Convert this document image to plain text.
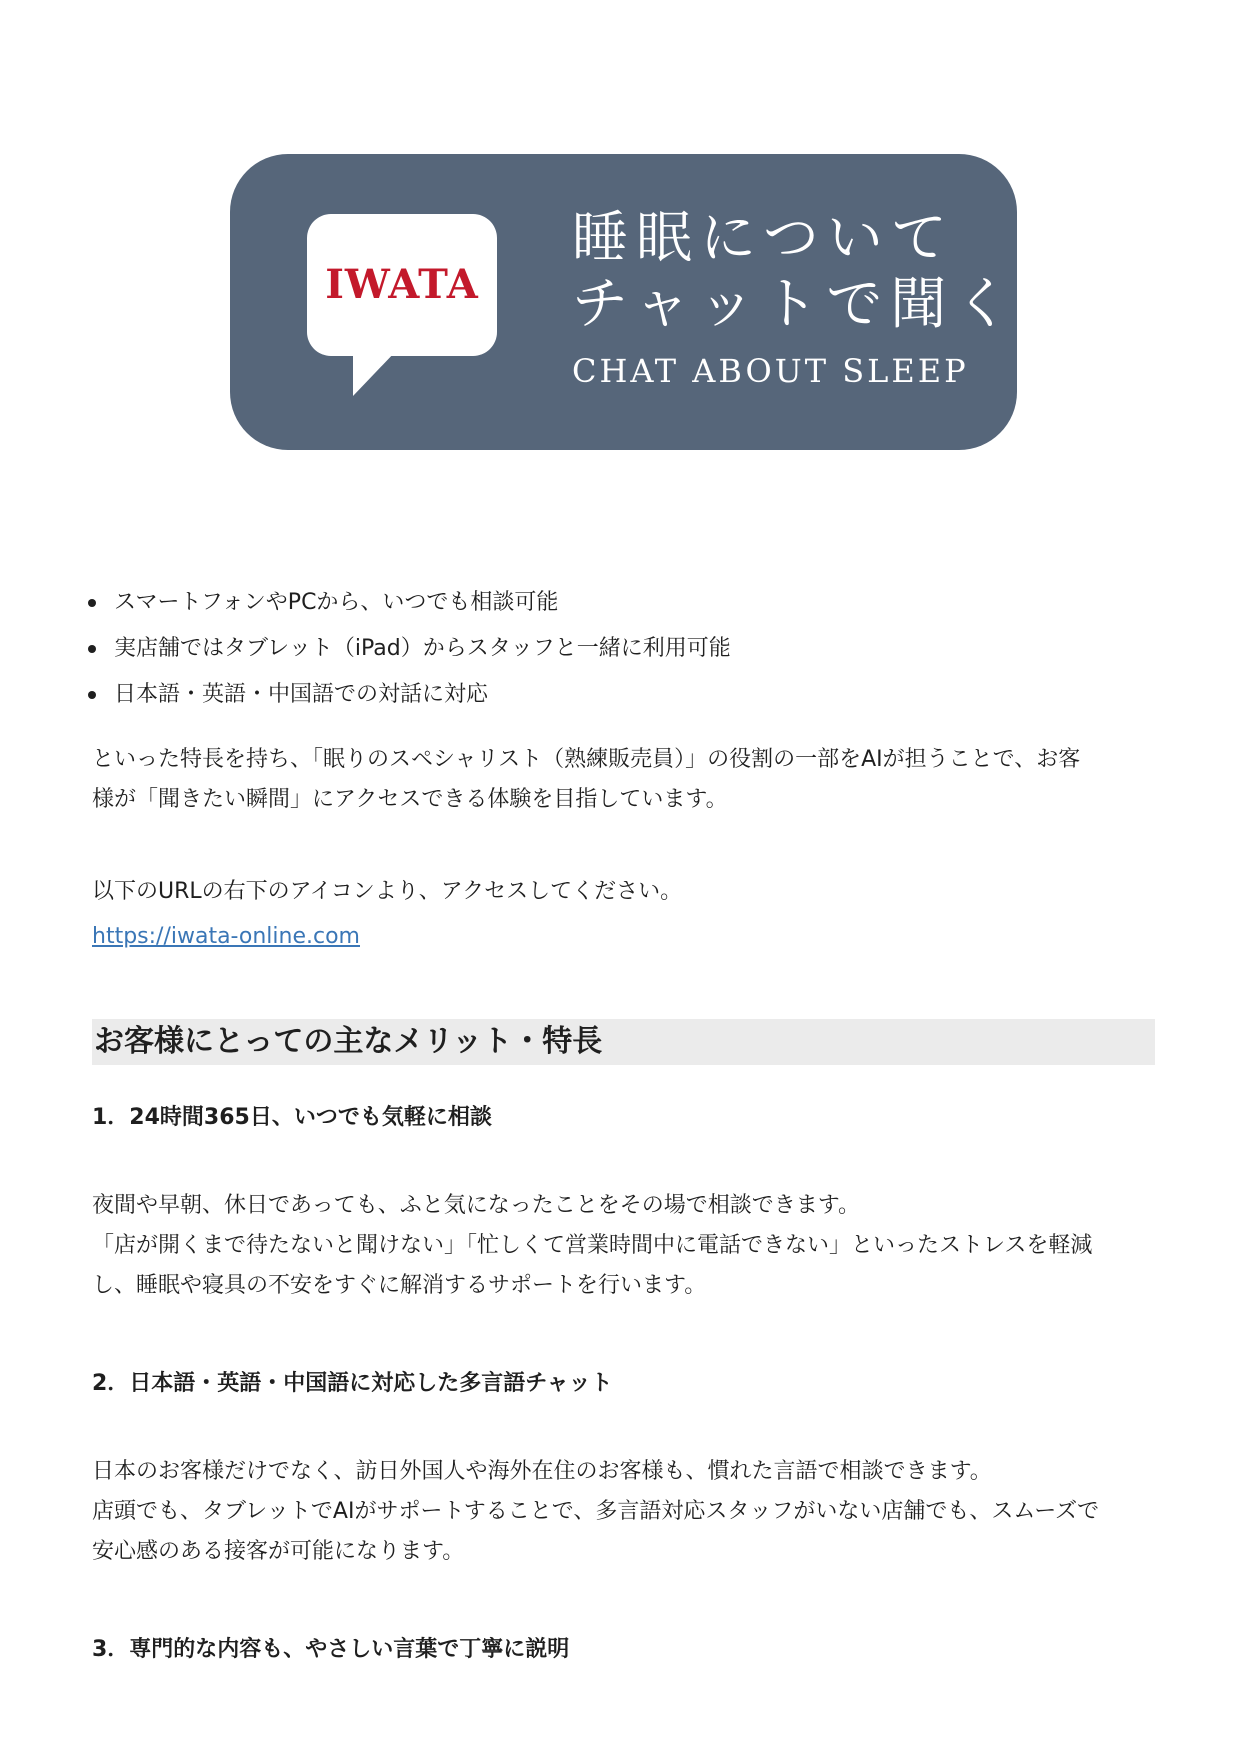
IWATA
睡眠について
チャットで聞く
CHAT ABOUT SLEEP
スマートフォンやPCから、いつでも相談可能
実店舗ではタブレット（iPad）からスタッフと一緒に利用可能
日本語・英語・中国語での対話に対応
といった特長を持ち、「眠りのスペシャリスト（熟練販売員）」の役割の一部をAIが担うことで、お客
様が「聞きたい瞬間」にアクセスできる体験を目指しています。
以下のURLの右下のアイコンより、アクセスしてください。
https://iwata-online.com
お客様にとっての主なメリット・特長
1．24時間365日、いつでも気軽に相談
夜間や早朝、休日であっても、ふと気になったことをその場で相談できます。
「店が開くまで待たないと聞けない」「忙しくて営業時間中に電話できない」といったストレスを軽減
し、睡眠や寝具の不安をすぐに解消するサポートを行います。
2．日本語・英語・中国語に対応した多言語チャット
日本のお客様だけでなく、訪日外国人や海外在住のお客様も、慣れた言語で相談できます。
店頭でも、タブレットでAIがサポートすることで、多言語対応スタッフがいない店舗でも、スムーズで
安心感のある接客が可能になります。
3．専門的な内容も、やさしい言葉で丁寧に説明
